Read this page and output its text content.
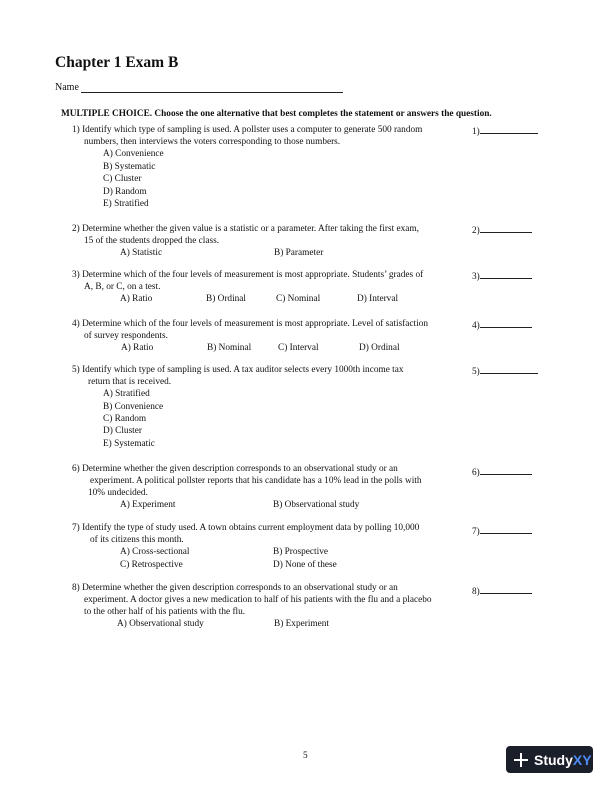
Chapter 1 Exam B
Name
MULTIPLE CHOICE. Choose the one alternative that best completes the statement or answers the question.
1) Identify which type of sampling is used. A pollster uses a computer to generate 500 random
numbers, then interviews the voters corresponding to those numbers.
A) Convenience
B) Systematic
C) Cluster
D) Random
E) Stratified
1)
2) Determine whether the given value is a statistic or a parameter. After taking the first exam,
15 of the students dropped the class.
A) Statistic	B) Parameter
2)
3) Determine which of the four levels of measurement is most appropriate. Students’ grades of
A, B, or C, on a test.
A) Ratio	B) Ordinal	C) Nominal	D) Interval
3)
4) Determine which of the four levels of measurement is most appropriate. Level of satisfaction
of survey respondents.
A) Ratio	B) Nominal	C) Interval	D) Ordinal
4)
5) Identify which type of sampling is used. A tax auditor selects every 1000th income tax
return that is received.
A) Stratified
B) Convenience
C) Random
D) Cluster
E) Systematic
5)
6) Determine whether the given description corresponds to an observational study or an
experiment. A political pollster reports that his candidate has a 10% lead in the polls with
10% undecided.
A) Experiment	B) Observational study
6)
7) Identify the type of study used. A town obtains current employment data by polling 10,000
of its citizens this month.
A) Cross-sectional	B) Prospective
C) Retrospective	D) None of these
7)
8) Determine whether the given description corresponds to an observational study or an
experiment. A doctor gives a new medication to half of his patients with the flu and a placebo
to the other half of his patients with the flu.
A) Observational study	B) Experiment
8)
5	Study XY
